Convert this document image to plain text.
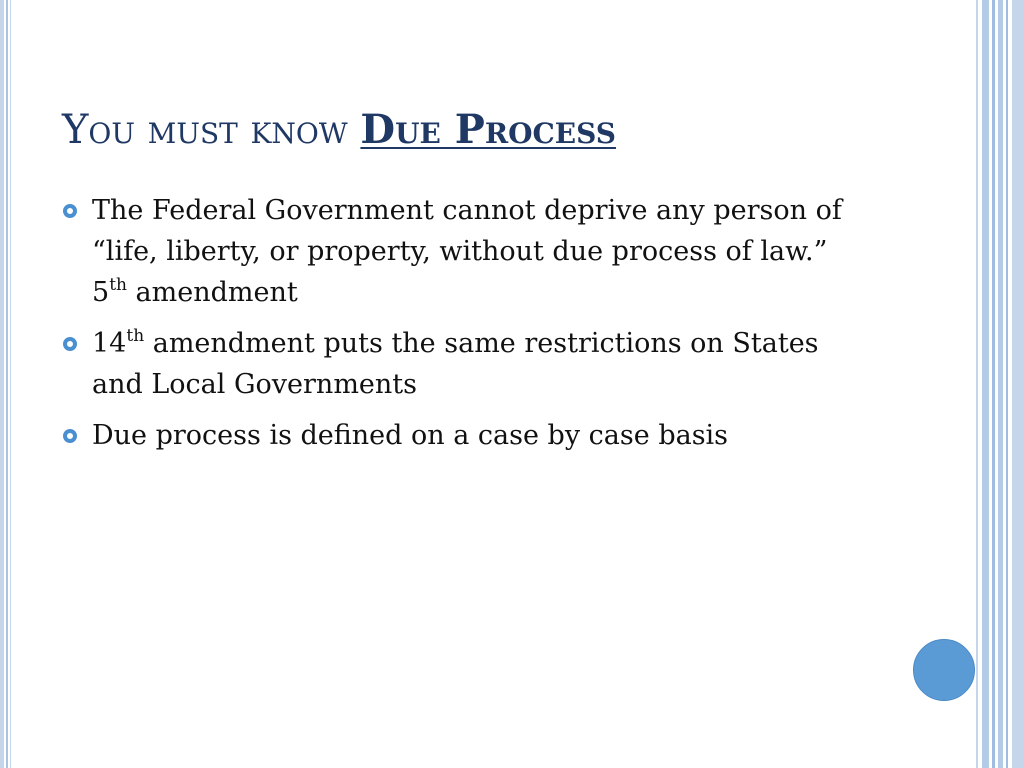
You must know Due Process
The Federal Government cannot deprive any person of “life, liberty, or property, without due process of law.” 5th amendment
14th amendment puts the same restrictions on States and Local Governments
Due process is defined on a case by case basis
